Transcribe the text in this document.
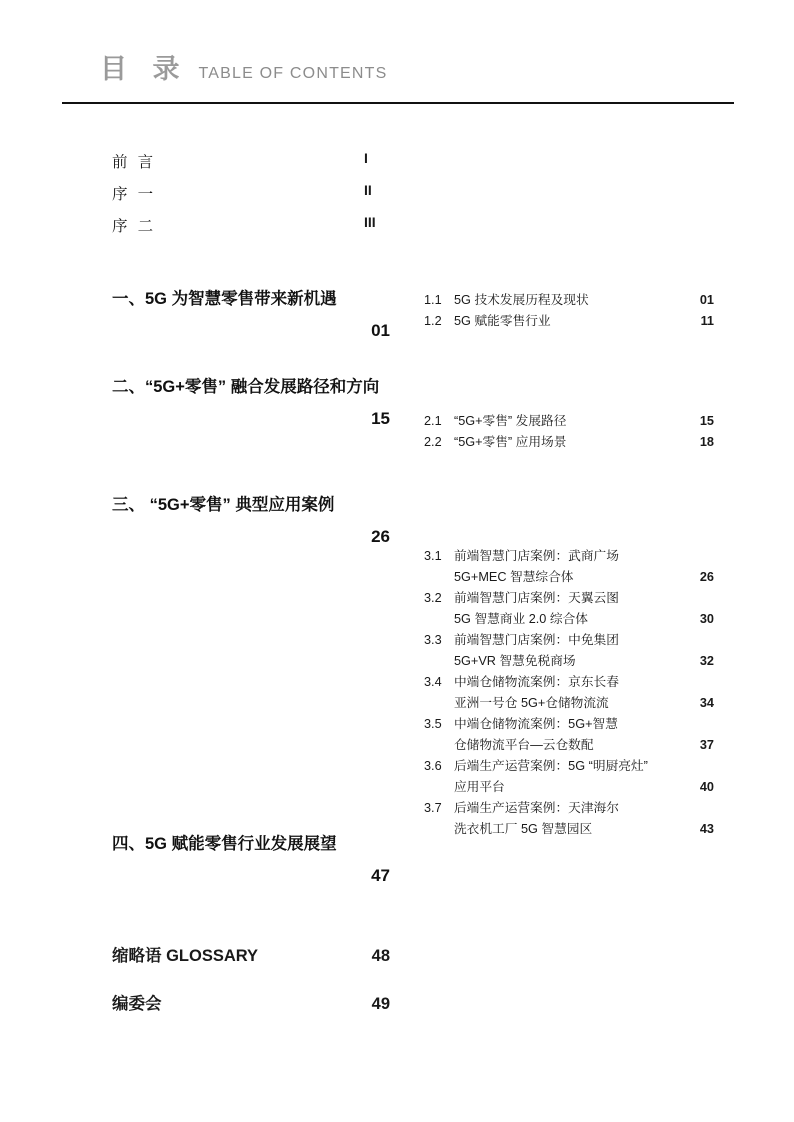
目 录 TABLE OF CONTENTS
前  言	I
序  一	II
序  二	III
一、5G 为智慧零售带来新机遇
01
二、“5G+零售” 融合发展路径和方向
15
三、 “5G+零售” 典型应用案例
26
四、5G 赋能零售行业发展展望
47
缩略语 GLOSSARY	48
编委会	49
1.1 5G 技术发展历程及现状	01
1.2 5G 赋能零售行业	11
2.1 “5G+零售” 发展路径	15
2.2 “5G+零售” 应用场景	18
3.1 前端智慧门店案例：武商广场
5G+MEC 智慧综合体	26
3.2 前端智慧门店案例：天翼云图
5G 智慧商业 2.0 综合体	30
3.3 前端智慧门店案例：中免集团
5G+VR 智慧免税商场	32
3.4 中端仓储物流案例：京东长春
亚洲一号仓 5G+仓储物流流	34
3.5 中端仓储物流案例：5G+智慧
仓储物流平台—云仓数配	37
3.6 后端生产运营案例：5G “明厨亮灶”
应用平台	40
3.7 后端生产运营案例：天津海尔
洗衣机工厂 5G 智慧园区	43
